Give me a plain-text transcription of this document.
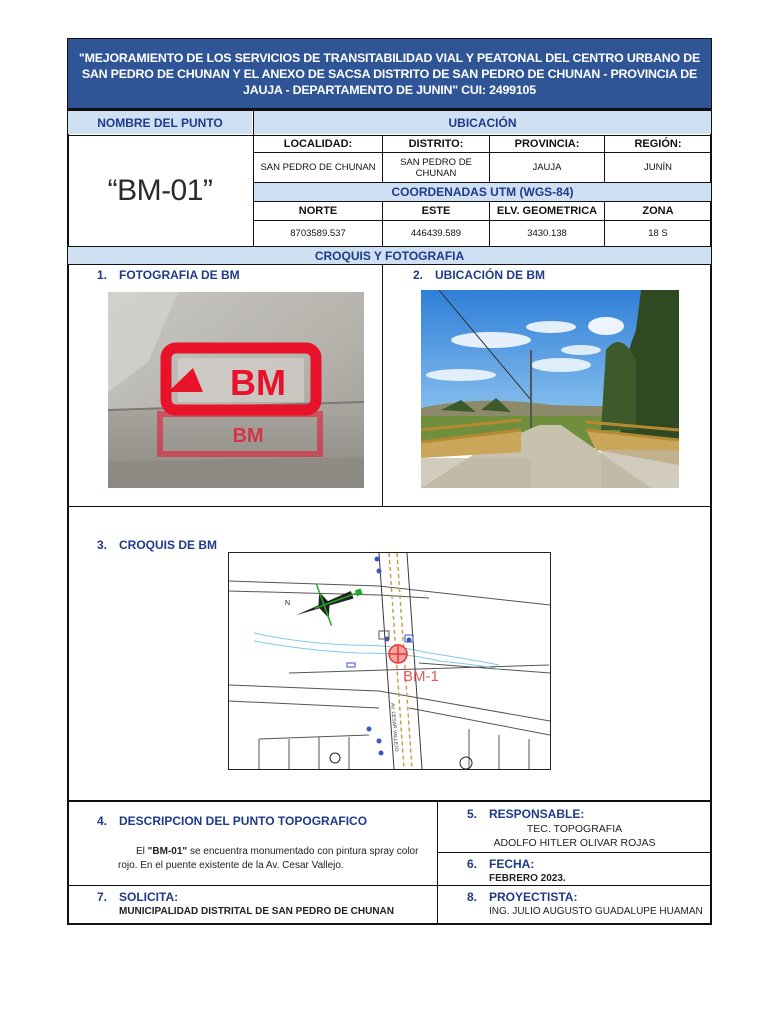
"MEJORAMIENTO DE LOS SERVICIOS DE TRANSITABILIDAD VIAL Y PEATONAL DEL CENTRO URBANO DE SAN PEDRO DE CHUNAN Y EL ANEXO DE SACSA DISTRITO DE SAN PEDRO DE CHUNAN - PROVINCIA DE JAUJA - DEPARTAMENTO DE JUNIN" CUI: 2499105
NOMBRE DEL PUNTO	UBICACIÓN
“BM-01”
LOCALIDAD:	DISTRITO:	PROVINCIA:	REGIÓN:
SAN PEDRO DE CHUNAN	SAN PEDRO DE CHUNAN	JAUJA	JUNÍN
COORDENADAS UTM (WGS-84)
NORTE	ESTE	ELV. GEOMETRICA	ZONA
8703589.537	446439.589	3430.138	18 S
CROQUIS Y FOTOGRAFIA
1. FOTOGRAFIA DE BM	2. UBICACIÓN DE BM
BM
BM
3. CROQUIS DE BM
BM-1
N
AV. CESAR VALLEJO
4. DESCRIPCION DEL PUNTO TOPOGRAFICO
El "BM-01" se encuentra monumentado con pintura spray color rojo. En el puente existente de la Av. Cesar Vallejo.
5. RESPONSABLE:
TEC. TOPOGRAFIA
ADOLFO HITLER OLIVAR ROJAS
6. FECHA:
FEBRERO 2023.
7. SOLICITA:
MUNICIPALIDAD DISTRITAL DE SAN PEDRO DE CHUNAN
8. PROYECTISTA:
ING. JULIO AUGUSTO GUADALUPE HUAMAN
